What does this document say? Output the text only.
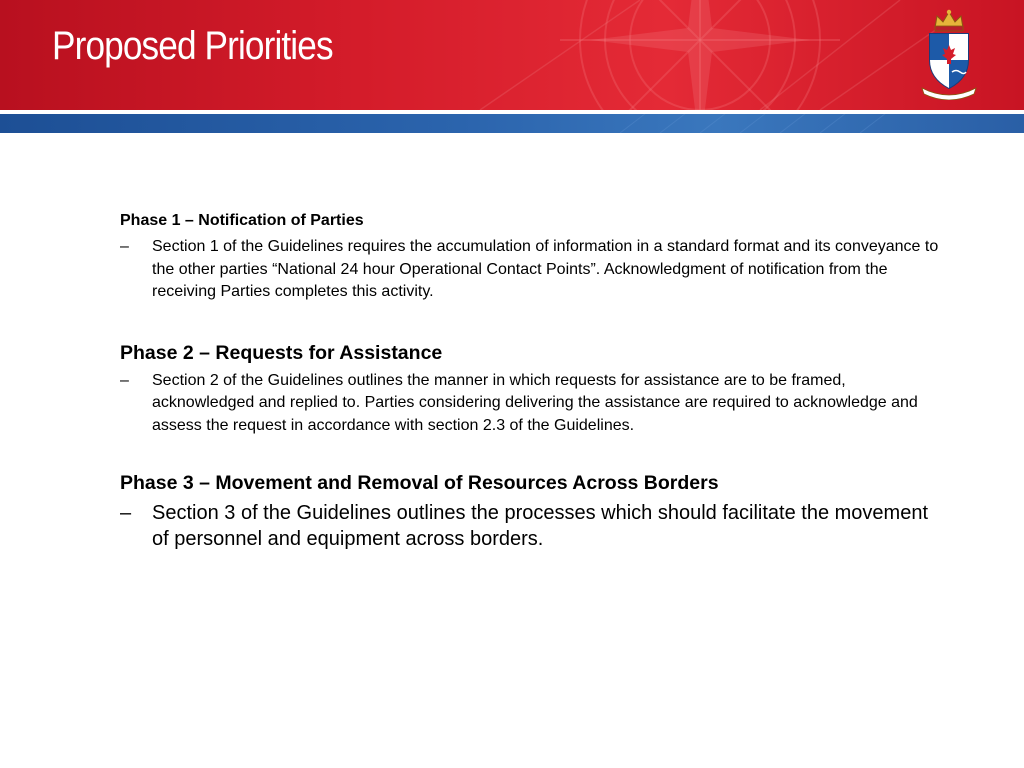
Proposed Priorities

Phase 1 – Notification of Parties

– Section 1 of the Guidelines requires the accumulation of information in a standard format and its conveyance to the other parties “National 24 hour Operational Contact Points”. Acknowledgment of notification from the receiving Parties completes this activity.

Phase 2 – Requests for Assistance

– Section 2 of the Guidelines outlines the manner in which requests for assistance are to be framed, acknowledged and replied to. Parties considering delivering the assistance are required to acknowledge and assess the request in accordance with section 2.3 of the Guidelines.

Phase 3 – Movement and Removal of Resources Across Borders

– Section 3 of the Guidelines outlines the processes which should facilitate the movement of personnel and equipment across borders.
